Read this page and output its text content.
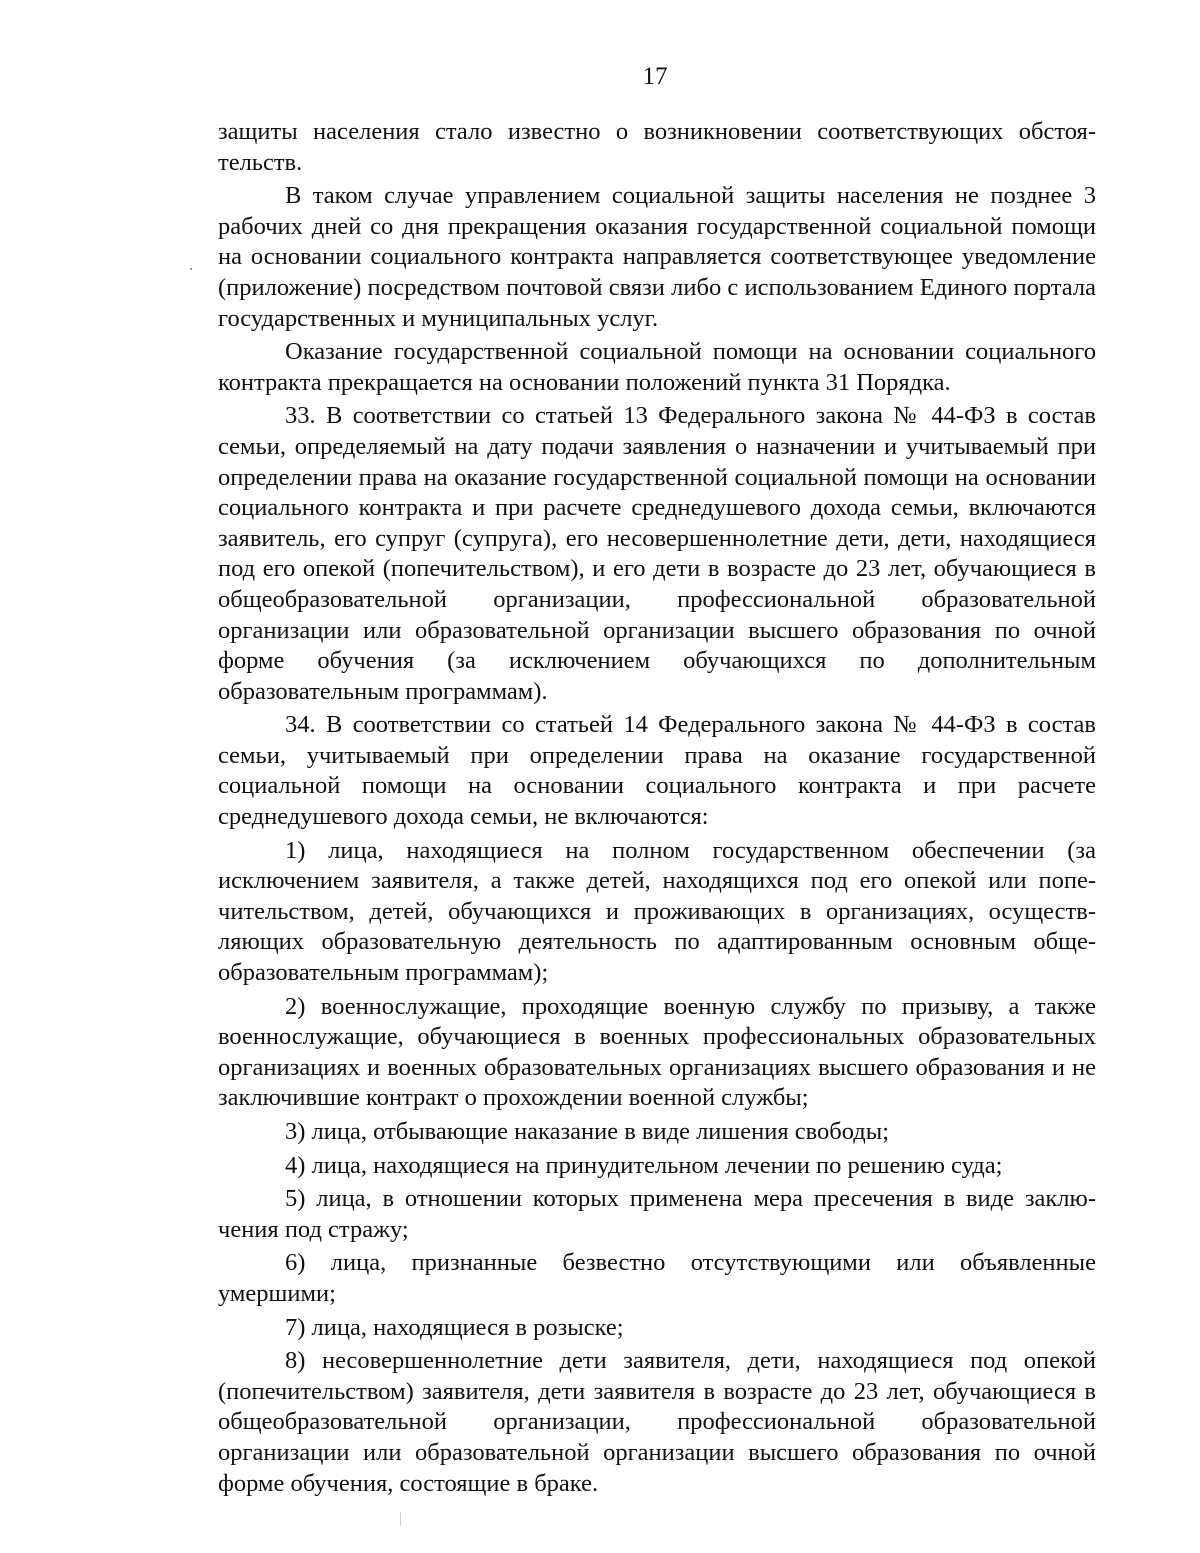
17

защиты населения стало известно о возникновении соответствующих обстоятельств.

В таком случае управлением социальной защиты населения не позднее 3 рабочих дней со дня прекращения оказания государственной социальной помощи на основании социального контракта направляется соответствующее уведомление (приложение) посредством почтовой связи либо с использованием Единого портала государственных и муниципальных услуг.

Оказание государственной социальной помощи на основании социального контракта прекращается на основании положений пункта 31 Порядка.

33. В соответствии со статьей 13 Федерального закона № 44-ФЗ в состав семьи, определяемый на дату подачи заявления о назначении и учитываемый при определении права на оказание государственной социальной помощи на основании социального контракта и при расчете среднедушевого дохода семьи, включаются заявитель, его супруг (супруга), его несовершеннолетние дети, дети, находящиеся под его опекой (попечительством), и его дети в возрасте до 23 лет, обучающиеся в общеобразовательной организации, профессиональной образовательной организации или образовательной организации высшего образования по очной форме обучения (за исключением обучающихся по дополнительным образовательным программам).

34. В соответствии со статьей 14 Федерального закона № 44-ФЗ в состав семьи, учитываемый при определении права на оказание государственной социальной помощи на основании социального контракта и при расчете среднедушевого дохода семьи, не включаются:

1) лица, находящиеся на полном государственном обеспечении (за исключением заявителя, а также детей, находящихся под его опекой или попечительством, детей, обучающихся и проживающих в организациях, осуществляющих образовательную деятельность по адаптированным основным общеобразовательным программам);

2) военнослужащие, проходящие военную службу по призыву, а также военнослужащие, обучающиеся в военных профессиональных образовательных организациях и военных образовательных организациях высшего образования и не заключившие контракт о прохождении военной службы;

3) лица, отбывающие наказание в виде лишения свободы;

4) лица, находящиеся на принудительном лечении по решению суда;

5) лица, в отношении которых применена мера пресечения в виде заключения под стражу;

6) лица, признанные безвестно отсутствующими или объявленные умершими;

7) лица, находящиеся в розыске;

8) несовершеннолетние дети заявителя, дети, находящиеся под опекой (попечительством) заявителя, дети заявителя в возрасте до 23 лет, обучающиеся в общеобразовательной организации, профессиональной образовательной организации или образовательной организации высшего образования по очной форме обучения, состоящие в браке.
